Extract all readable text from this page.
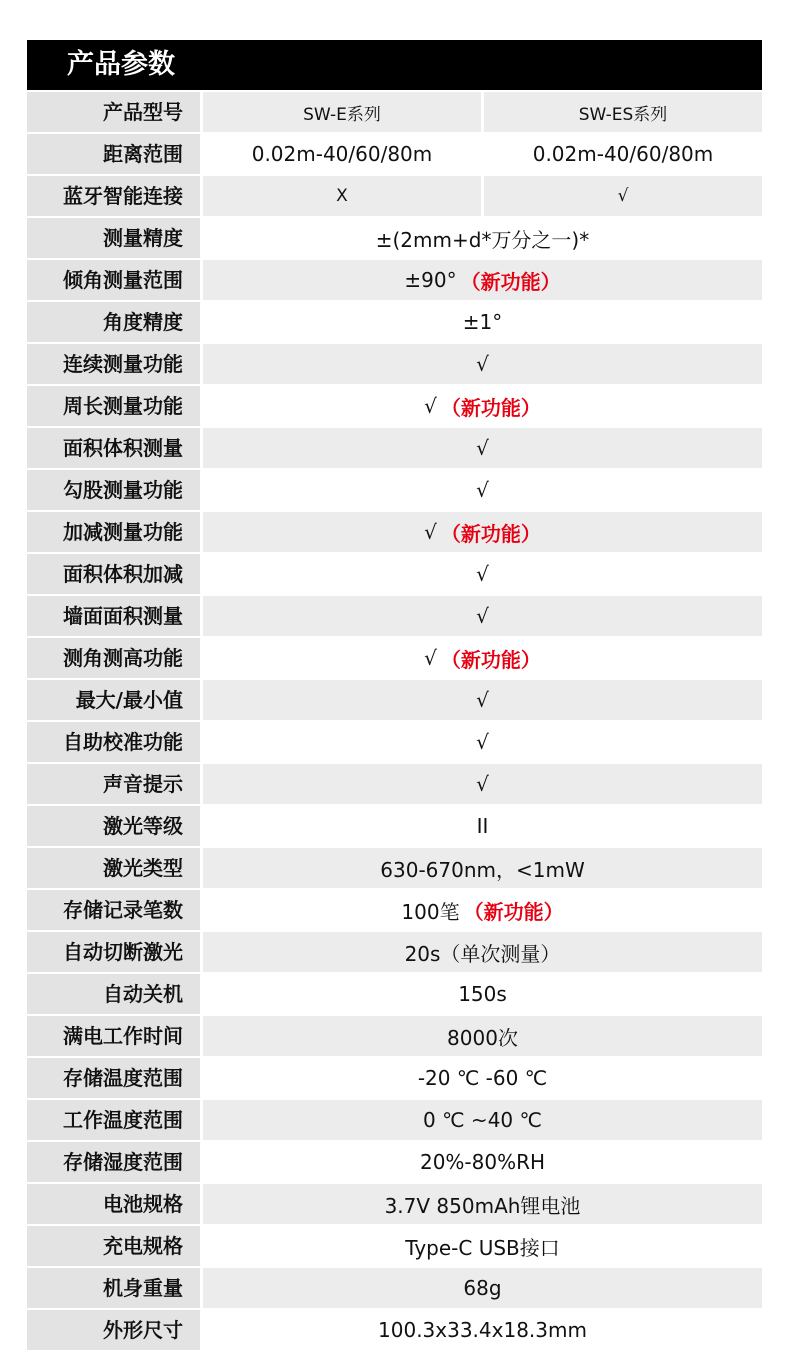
产品参数
产品型号	SW-E系列	SW-ES系列
距离范围	0.02m-40/60/80m	0.02m-40/60/80m
蓝牙智能连接	X	√
测量精度	±(2mm+d*万分之一)*
倾角测量范围	±90° （新功能）
角度精度	±1°
连续测量功能	√
周长测量功能	√ （新功能）
面积体积测量	√
勾股测量功能	√
加减测量功能	√ （新功能）
面积体积加减	√
墙面面积测量	√
测角测高功能	√ （新功能）
最大/最小值	√
自助校准功能	√
声音提示	√
激光等级	II
激光类型	630-670nm，<1mW
存储记录笔数	100笔 （新功能）
自动切断激光	20s（单次测量）
自动关机	150s
满电工作时间	8000次
存储温度范围	-20 ℃ -60 ℃
工作温度范围	0 ℃ ~40 ℃
存储湿度范围	20%-80%RH
电池规格	3.7V 850mAh锂电池
充电规格	Type-C USB接口
机身重量	68g
外形尺寸	100.3x33.4x18.3mm
